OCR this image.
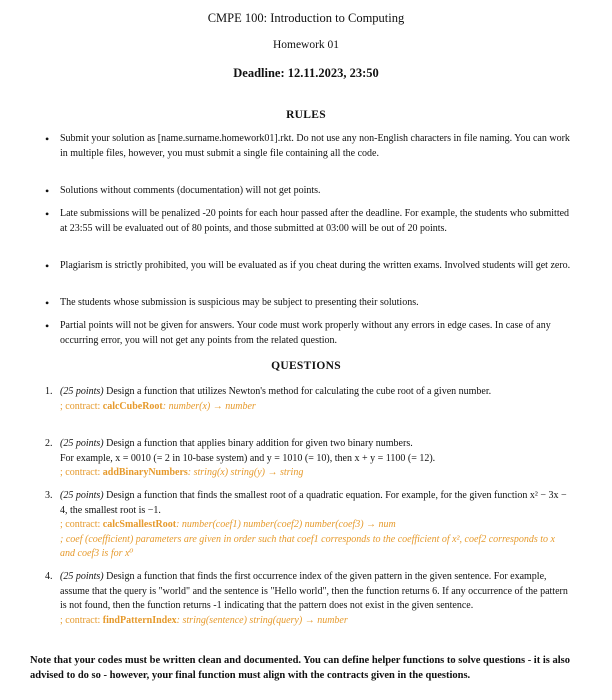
CMPE 100: Introduction to Computing
Homework 01
Deadline: 12.11.2023, 23:50
RULES
•	Submit your solution as [name.surname.homework01].rkt. Do not use any non-English characters in file naming. You can work in multiple files, however, you must submit a single file containing all the code.
•	Solutions without comments (documentation) will not get points.
•	Late submissions will be penalized -20 points for each hour passed after the deadline. For example, the students who submitted at 23:55 will be evaluated out of 80 points, and those submitted at 03:00 will be out of 20 points.
•	Plagiarism is strictly prohibited, you will be evaluated as if you cheat during the written exams. Involved students will get zero.
•	The students whose submission is suspicious may be subject to presenting their solutions.
•	Partial points will not be given for answers. Your code must work properly without any errors in edge cases. In case of any occurring error, you will not get any points from the related question.
QUESTIONS
1. (25 points) Design a function that utilizes Newton's method for calculating the cube root of a given number.
; contract: calcCubeRoot: number(x) → number
2. (25 points) Design a function that applies binary addition for given two binary numbers.
For example, x = 0010 (= 2 in 10-base system) and y = 1010 (= 10), then x + y = 1100 (= 12).
; contract: addBinaryNumbers: string(x) string(y) → string
3. (25 points) Design a function that finds the smallest root of a quadratic equation. For example, for the given function x² − 3x − 4, the smallest root is −1.
; contract: calcSmallestRoot: number(coef1) number(coef2) number(coef3) → num
; coef (coefficient) parameters are given in order such that coef1 corresponds to the coefficient of x², coef2 corresponds to x and coef3 is for x⁰
4. (25 points) Design a function that finds the first occurrence index of the given pattern in the given sentence. For example, assume that the query is "world" and the sentence is "Hello world", then the function returns 6. If any occurrence of the pattern is not found, then the function returns -1 indicating that the pattern does not exist in the given sentence.
; contract: findPatternIndex: string(sentence) string(query) → number
Note that your codes must be written clean and documented. You can define helper functions to solve questions - it is also advised to do so - however, your final function must align with the contracts given in the questions.
